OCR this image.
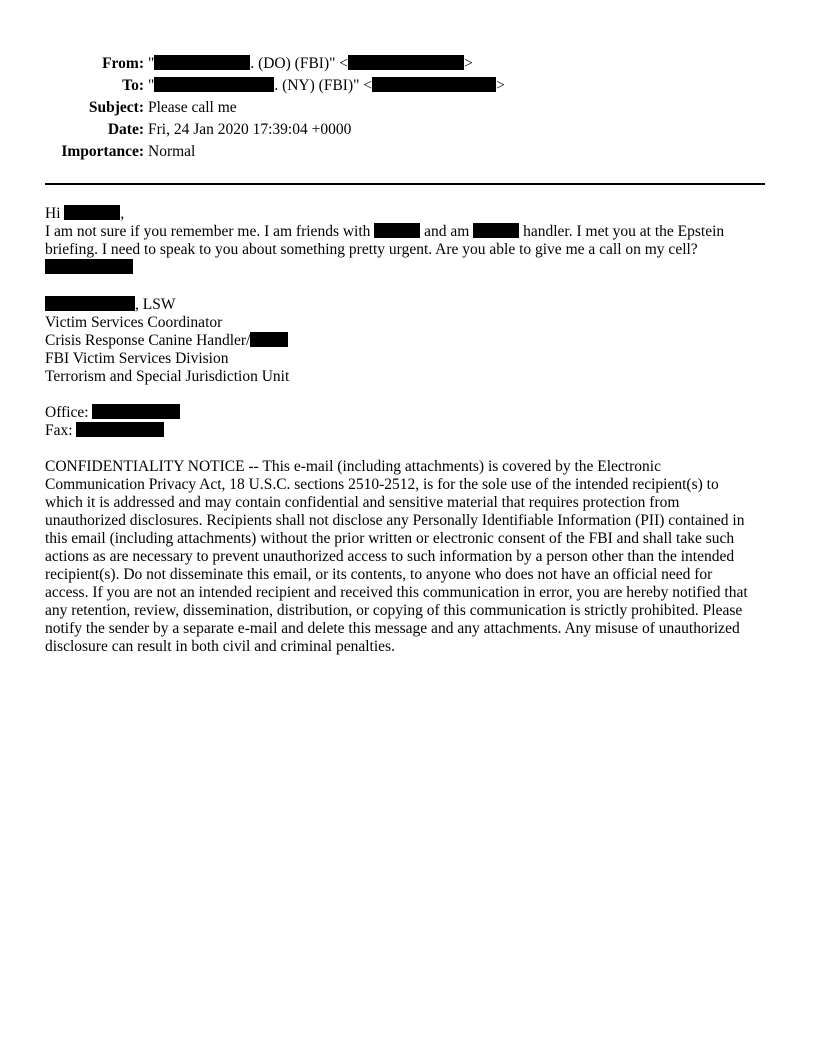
From: "	. (DO) (FBI)" <	>
To: "	. (NY) (FBI)" <	>
Subject: Please call me
Date: Fri, 24 Jan 2020 17:39:04 +0000
Importance: Normal

Hi	,

I am not sure if you remember me. I am friends with	and am	handler. I met you at the Epstein

briefing. I need to speak to you about something pretty urgent. Are you able to give me a call on my cell?

, LSW

Victim Services Coordinator

Crisis Response Canine Handler/

FBI Victim Services Division

Terrorism and Special Jurisdiction Unit

Office:

Fax:

CONFIDENTIALITY NOTICE -- This e-mail (including attachments) is covered by the Electronic

Communication Privacy Act, 18 U.S.C. sections 2510-2512, is for the sole use of the intended recipient(s) to

which it is addressed and may contain confidential and sensitive material that requires protection from

unauthorized disclosures. Recipients shall not disclose any Personally Identifiable Information (PII) contained in

this email (including attachments) without the prior written or electronic consent of the FBI and shall take such

actions as are necessary to prevent unauthorized access to such information by a person other than the intended

recipient(s). Do not disseminate this email, or its contents, to anyone who does not have an official need for

access. If you are not an intended recipient and received this communication in error, you are hereby notified that

any retention, review, dissemination, distribution, or copying of this communication is strictly prohibited. Please

notify the sender by a separate e-mail and delete this message and any attachments. Any misuse of unauthorized

disclosure can result in both civil and criminal penalties.
